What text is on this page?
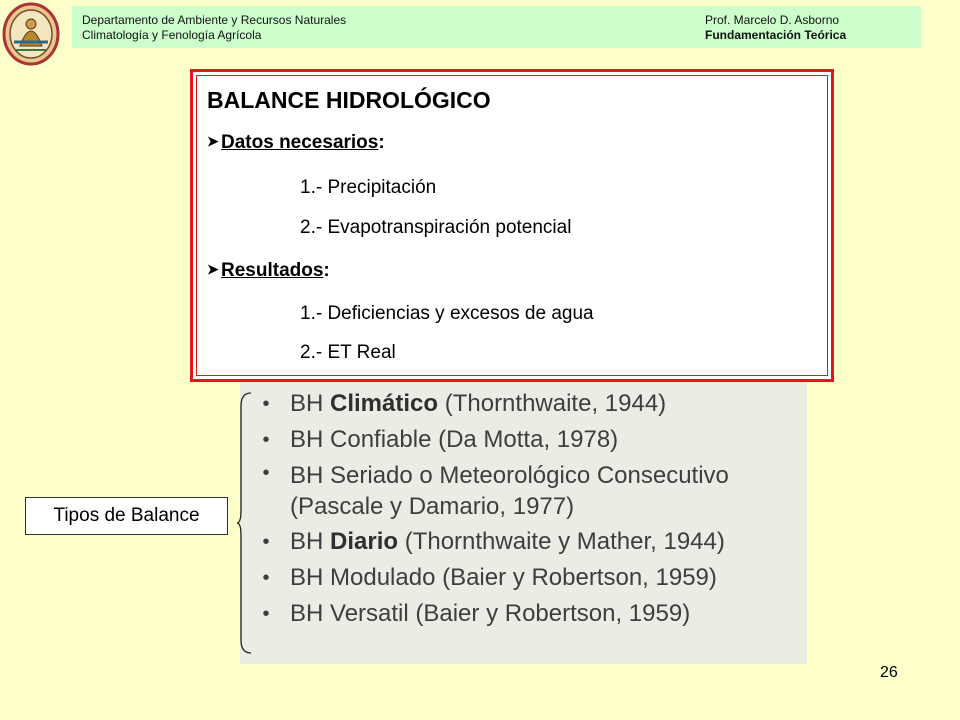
Departamento de Ambiente y Recursos Naturales
Climatología y Fenología Agrícola
Prof. Marcelo D. Asborno
Fundamentación Teórica
BALANCE HIDROLÓGICO
➤ Datos necesarios:
1.- Precipitación
2.- Evapotranspiración potencial
➤ Resultados:
1.- Deficiencias y excesos de agua
2.- ET Real
• BH Climático (Thornthwaite, 1944)
• BH Confiable (Da Motta, 1978)
• BH Seriado o Meteorológico Consecutivo
(Pascale y Damario, 1977)
• BH Diario (Thornthwaite y Mather, 1944)
• BH Modulado (Baier y Robertson, 1959)
• BH Versatil (Baier y Robertson, 1959)
Tipos de Balance
26
